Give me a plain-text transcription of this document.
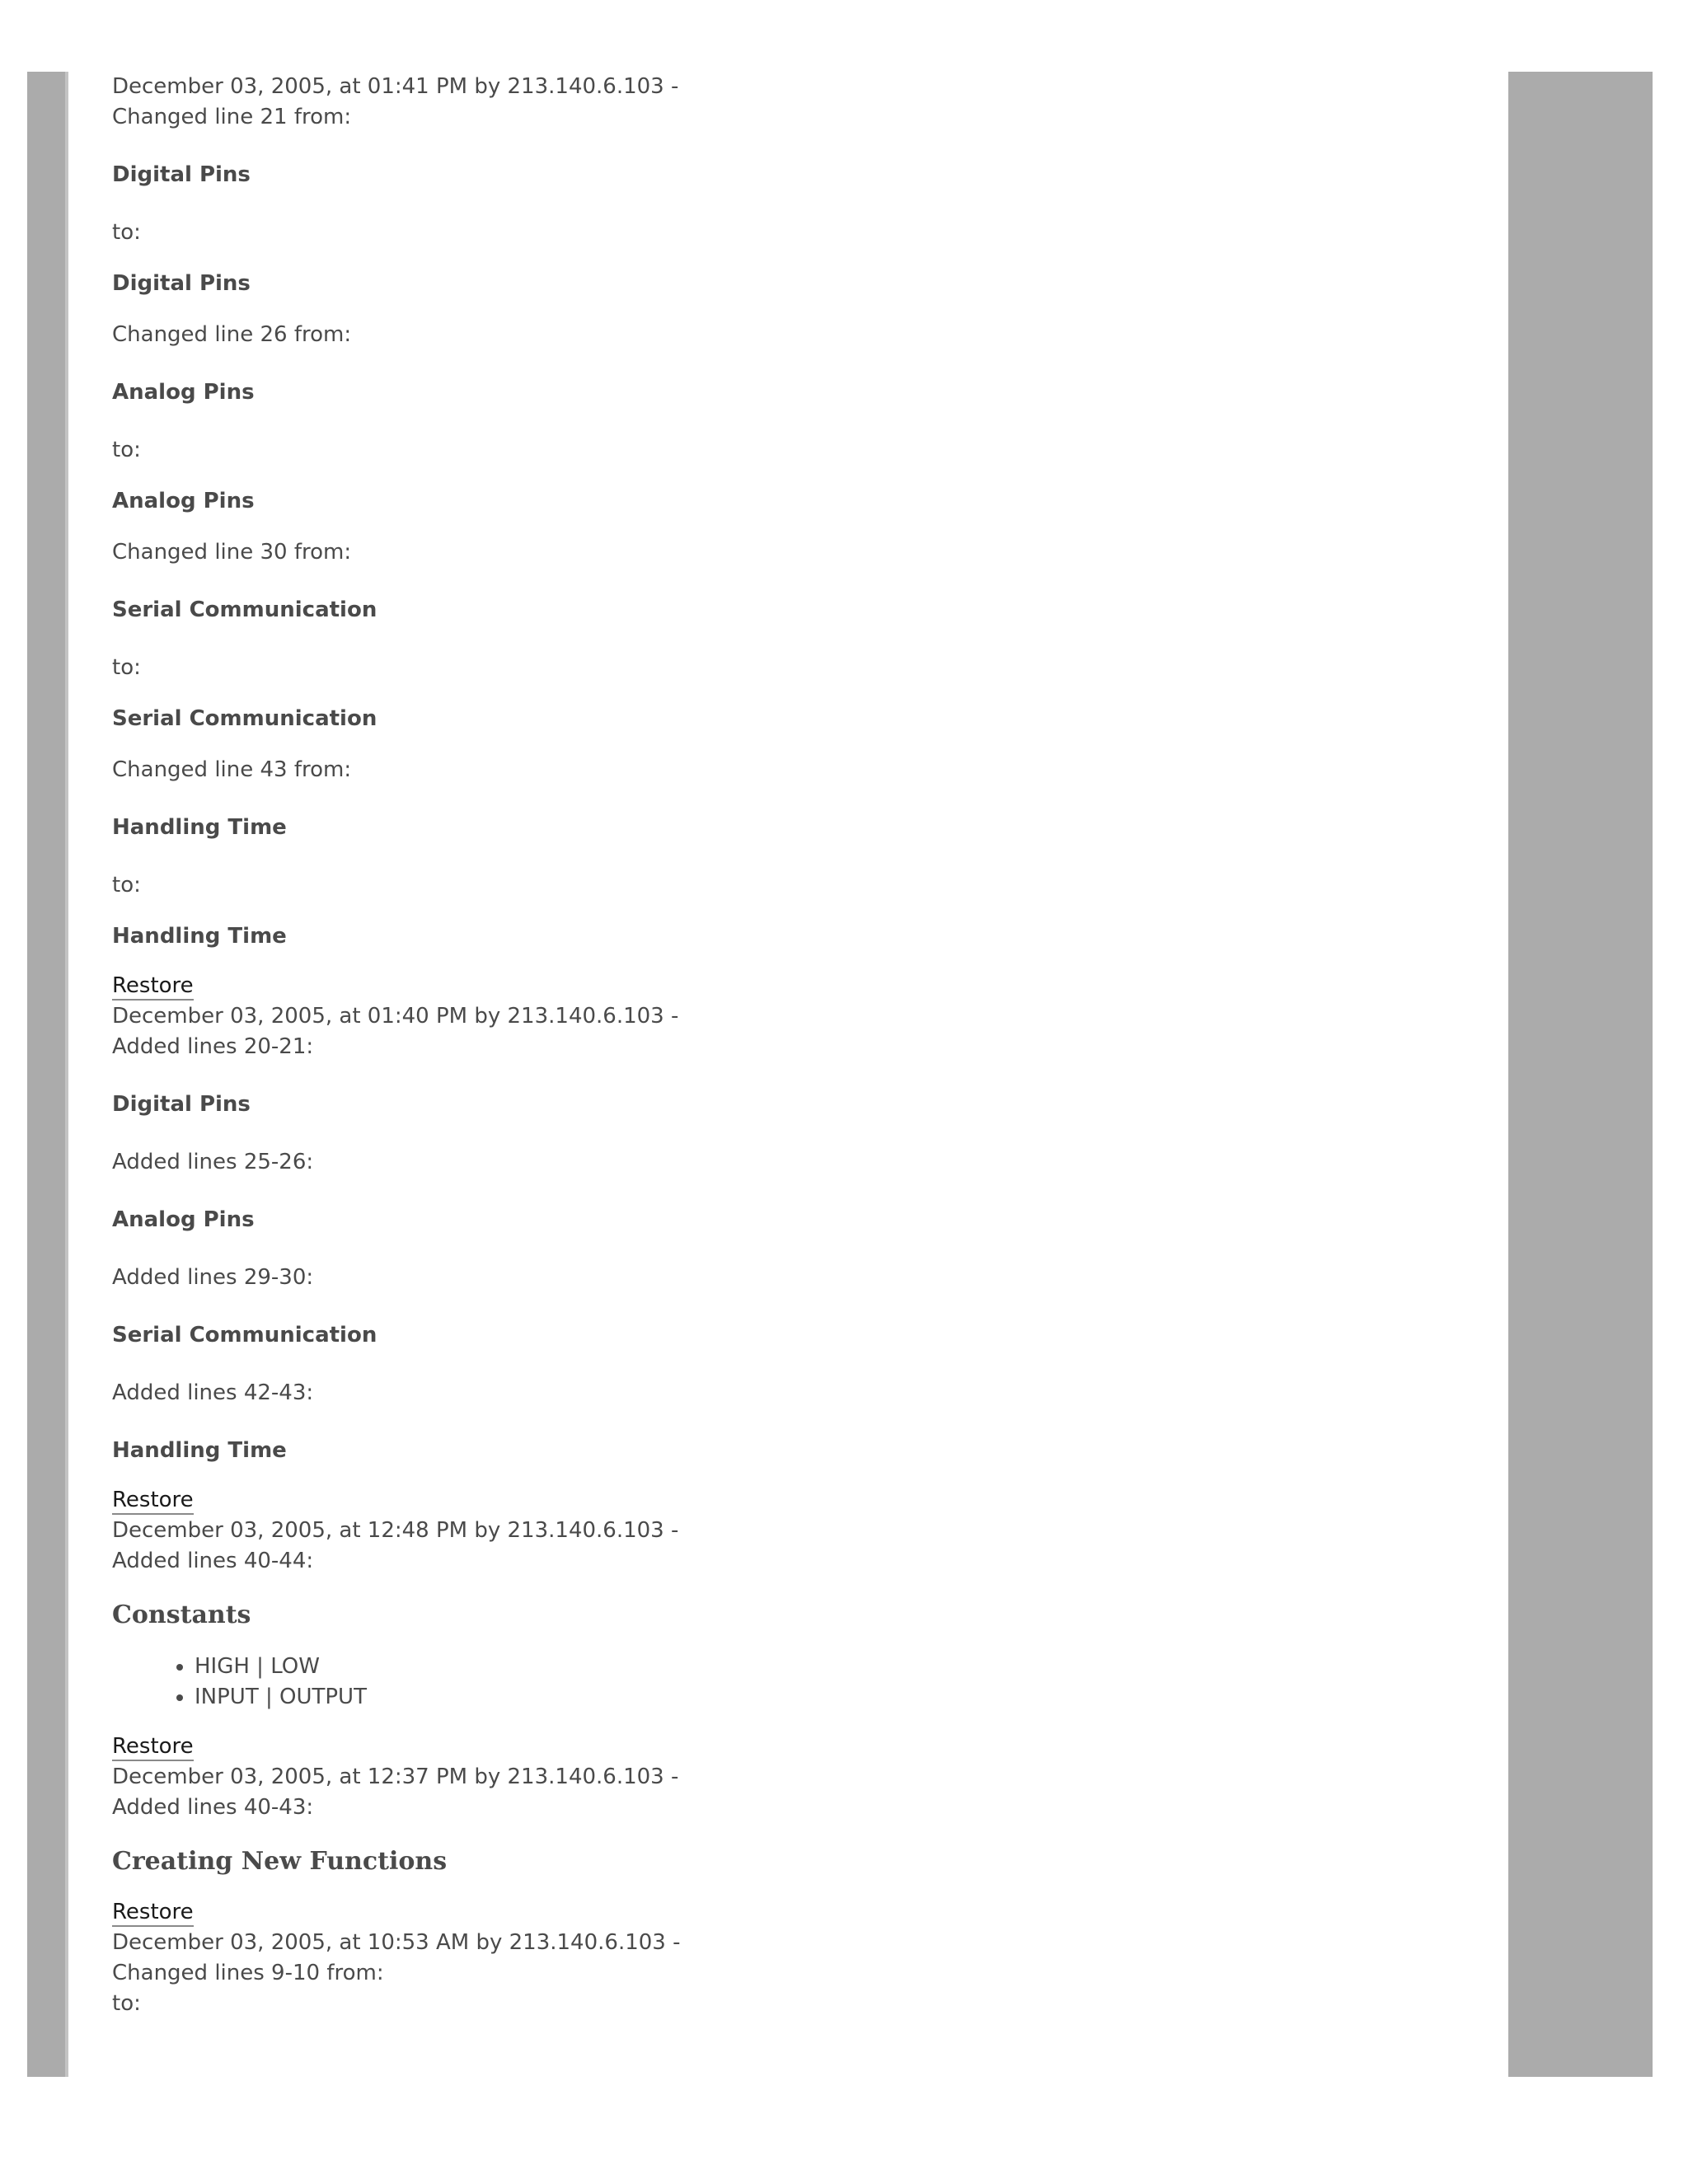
December 03, 2005, at 01:41 PM by 213.140.6.103 -
Changed line 21 from:
Digital Pins
to:
Digital Pins
Changed line 26 from:
Analog Pins
to:
Analog Pins
Changed line 30 from:
Serial Communication
to:
Serial Communication
Changed line 43 from:
Handling Time
to:
Handling Time
Restore
December 03, 2005, at 01:40 PM by 213.140.6.103 -
Added lines 20-21:
Digital Pins
Added lines 25-26:
Analog Pins
Added lines 29-30:
Serial Communication
Added lines 42-43:
Handling Time
Restore
December 03, 2005, at 12:48 PM by 213.140.6.103 -
Added lines 40-44:
Constants
• HIGH | LOW
• INPUT | OUTPUT
Restore
December 03, 2005, at 12:37 PM by 213.140.6.103 -
Added lines 40-43:
Creating New Functions
Restore
December 03, 2005, at 10:53 AM by 213.140.6.103 -
Changed lines 9-10 from:
to:
